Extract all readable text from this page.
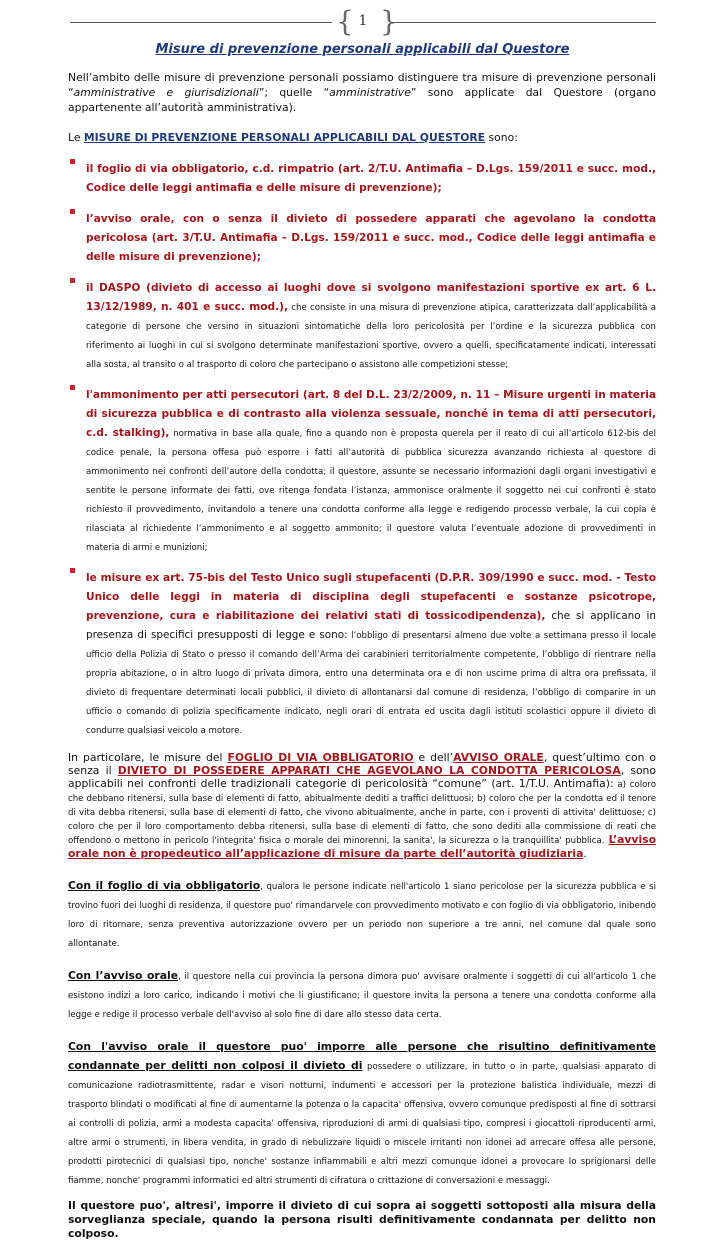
{ 1 }
Misure di prevenzione personali applicabili dal Questore

Nell’ambito delle misure di prevenzione personali possiamo distinguere tra misure di prevenzione personali “amministrative e giurisdizionali”; quelle “amministrative” sono applicate dal Questore (organo appartenente all’autorità amministrativa).

Le MISURE DI PREVENZIONE PERSONALI APPLICABILI DAL QUESTORE sono:

il foglio di via obbligatorio, c.d. rimpatrio (art. 2/T.U. Antimafia – D.Lgs. 159/2011 e succ. mod., Codice delle leggi antimafia e delle misure di prevenzione);
l’avviso orale, con o senza il divieto di possedere apparati che agevolano la condotta pericolosa (art. 3/T.U. Antimafia – D.Lgs. 159/2011 e succ. mod., Codice delle leggi antimafia e delle misure di prevenzione);
il DASPO (divieto di accesso ai luoghi dove si svolgono manifestazioni sportive ex art. 6 L. 13/12/1989, n. 401 e succ. mod.), che consiste in una misura di prevenzione atipica, caratterizzata dall’applicabilità a categorie di persone che versino in situazioni sintomatiche della loro pericolosità per l’ordine e la sicurezza pubblica con riferimento ai luoghi in cui si svolgono determinate manifestazioni sportive, ovvero a quelli, specificatamente indicati, interessati alla sosta, al transito o al trasporto di coloro che partecipano o assistono alle competizioni stesse;
l'ammonimento per atti persecutori (art. 8 del D.L. 23/2/2009, n. 11 – Misure urgenti in materia di sicurezza pubblica e di contrasto alla violenza sessuale, nonché in tema di atti persecutori, c.d. stalking), normativa in base alla quale, fino a quando non è proposta querela per il reato di cui all’articolo 612-bis del codice penale, la persona offesa può esporre i fatti all’autorità di pubblica sicurezza avanzando richiesta al questore di ammonimento nei confronti dell’autore della condotta; il questore, assunte se necessario informazioni dagli organi investigativi e sentite le persone informate dei fatti, ove ritenga fondata l’istanza, ammonisce oralmente il soggetto nei cui confronti è stato richiesto il provvedimento, invitandolo a tenere una condotta conforme alla legge e redigendo processo verbale, la cui copia è rilasciata al richiedente l’ammonimento e al soggetto ammonito; il questore valuta l’eventuale adozione di provvedimenti in materia di armi e munizioni;
le misure ex art. 75-bis del Testo Unico sugli stupefacenti (D.P.R. 309/1990 e succ. mod. - Testo Unico delle leggi in materia di disciplina degli stupefacenti e sostanze psicotrope, prevenzione, cura e riabilitazione dei relativi stati di tossicodipendenza), che si applicano in presenza di specifici presupposti di legge e sono: l’obbligo di presentarsi almeno due volte a settimana presso il locale ufficio della Polizia di Stato o presso il comando dell’Arma dei carabinieri territorialmente competente, l’obbligo di rientrare nella propria abitazione, o in altro luogo di privata dimora, entro una determinata ora e di non uscirne prima di altra ora prefissata, il divieto di frequentare determinati locali pubblici, il divieto di allontanarsi dal comune di residenza, l’obbligo di comparire in un ufficio o comando di polizia specificamente indicato, negli orari di entrata ed uscita dagli istituti scolastici oppure il divieto di condurre qualsiasi veicolo a motore.

In particolare, le misure del FOGLIO DI VIA OBBLIGATORIO e dell’AVVISO ORALE, quest’ultimo con o senza il DIVIETO DI POSSEDERE APPARATI CHE AGEVOLANO LA CONDOTTA PERICOLOSA, sono applicabili nei confronti delle tradizionali categorie di pericolosità “comune” (art. 1/T.U. Antimafia): a) coloro che debbano ritenersi, sulla base di elementi di fatto, abitualmente dediti a traffici delittuosi; b) coloro che per la condotta ed il tenore di vita debba ritenersi, sulla base di elementi di fatto, che vivono abitualmente, anche in parte, con i proventi di attivita' delittuose; c) coloro che per il loro comportamento debba ritenersi, sulla base di elementi di fatto, che sono dediti alla commissione di reati che offendono o mettono in pericolo l'integrita' fisica o morale dei minorenni, la sanita', la sicurezza o la tranquillita' pubblica. L’avviso orale non è propedeutico all’applicazione di misure da parte dell’autorità giudiziaria.

Con il foglio di via obbligatorio, qualora le persone indicate nell'articolo 1 siano pericolose per la sicurezza pubblica e si trovino fuori dei luoghi di residenza, il questore puo' rimandarvele con provvedimento motivato e con foglio di via obbligatorio, inibendo loro di ritornare, senza preventiva autorizzazione ovvero per un periodo non superiore a tre anni, nel comune dal quale sono allontanate.

Con l’avviso orale, il questore nella cui provincia la persona dimora puo' avvisare oralmente i soggetti di cui all'articolo 1 che esistono indizi a loro carico, indicando i motivi che li giustificano; il questore invita la persona a tenere una condotta conforme alla legge e redige il processo verbale dell'avviso al solo fine di dare allo stesso data certa.

Con l'avviso orale il questore puo' imporre alle persone che risultino definitivamente condannate per delitti non colposi il divieto di possedere o utilizzare, in tutto o in parte, qualsiasi apparato di comunicazione radiotrasmittente, radar e visori notturni, indumenti e accessori per la protezione balistica individuale, mezzi di trasporto blindati o modificati al fine di aumentarne la potenza o la capacita' offensiva, ovvero comunque predisposti al fine di sottrarsi ai controlli di polizia, armi a modesta capacita' offensiva, riproduzioni di armi di qualsiasi tipo, compresi i giocattoli riproducenti armi, altre armi o strumenti, in libera vendita, in grado di nebulizzare liquidi o miscele irritanti non idonei ad arrecare offesa alle persone, prodotti pirotecnici di qualsiasi tipo, nonche' sostanze infiammabili e altri mezzi comunque idonei a provocare lo sprigionarsi delle fiamme, nonche' programmi informatici ed altri strumenti di cifratura o crittazione di conversazioni e messaggi.

Il questore puo', altresi', imporre il divieto di cui sopra ai soggetti sottoposti alla misura della sorveglianza speciale, quando la persona risulti definitivamente condannata per delitto non colposo.
